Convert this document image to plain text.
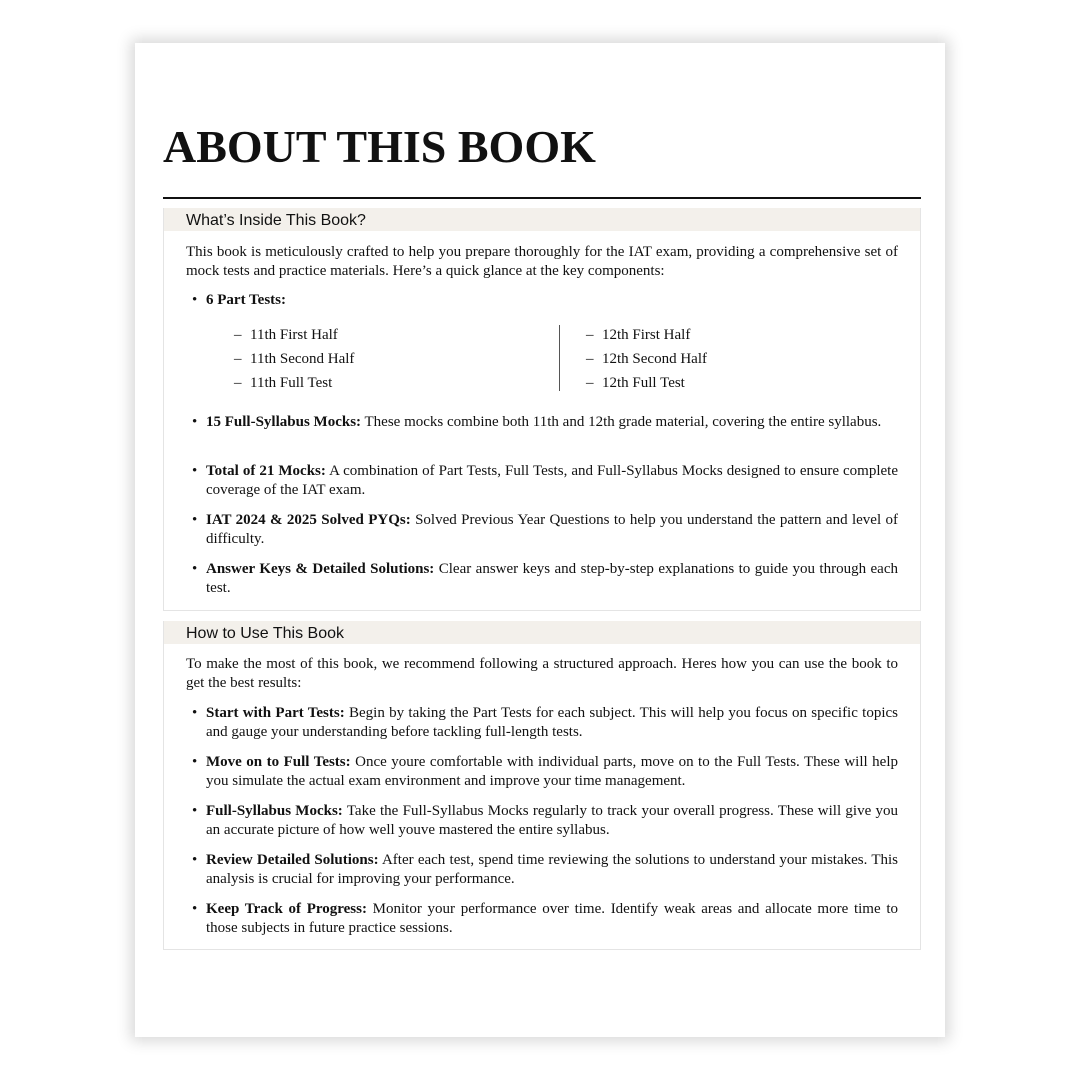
ABOUT THIS BOOK
What’s Inside This Book?

This book is meticulously crafted to help you prepare thoroughly for the IAT exam, providing a comprehensive set of mock tests and practice materials. Here’s a quick glance at the key components:

• 6 Part Tests:

– 11th First Half
– 11th Second Half
– 11th Full Test
– 12th First Half
– 12th Second Half
– 12th Full Test

• 15 Full-Syllabus Mocks: These mocks combine both 11th and 12th grade material, covering the entire syllabus.

• Total of 21 Mocks: A combination of Part Tests, Full Tests, and Full-Syllabus Mocks designed to ensure complete coverage of the IAT exam.

• IAT 2024 & 2025 Solved PYQs: Solved Previous Year Questions to help you understand the pattern and level of difficulty.

• Answer Keys & Detailed Solutions: Clear answer keys and step-by-step explanations to guide you through each test.

How to Use This Book

To make the most of this book, we recommend following a structured approach. Heres how you can use the book to get the best results:

• Start with Part Tests: Begin by taking the Part Tests for each subject. This will help you focus on specific topics and gauge your understanding before tackling full-length tests.

• Move on to Full Tests: Once youre comfortable with individual parts, move on to the Full Tests. These will help you simulate the actual exam environment and improve your time management.

• Full-Syllabus Mocks: Take the Full-Syllabus Mocks regularly to track your overall progress. These will give you an accurate picture of how well youve mastered the entire syllabus.

• Review Detailed Solutions: After each test, spend time reviewing the solutions to understand your mistakes. This analysis is crucial for improving your performance.

• Keep Track of Progress: Monitor your performance over time. Identify weak areas and allocate more time to those subjects in future practice sessions.
